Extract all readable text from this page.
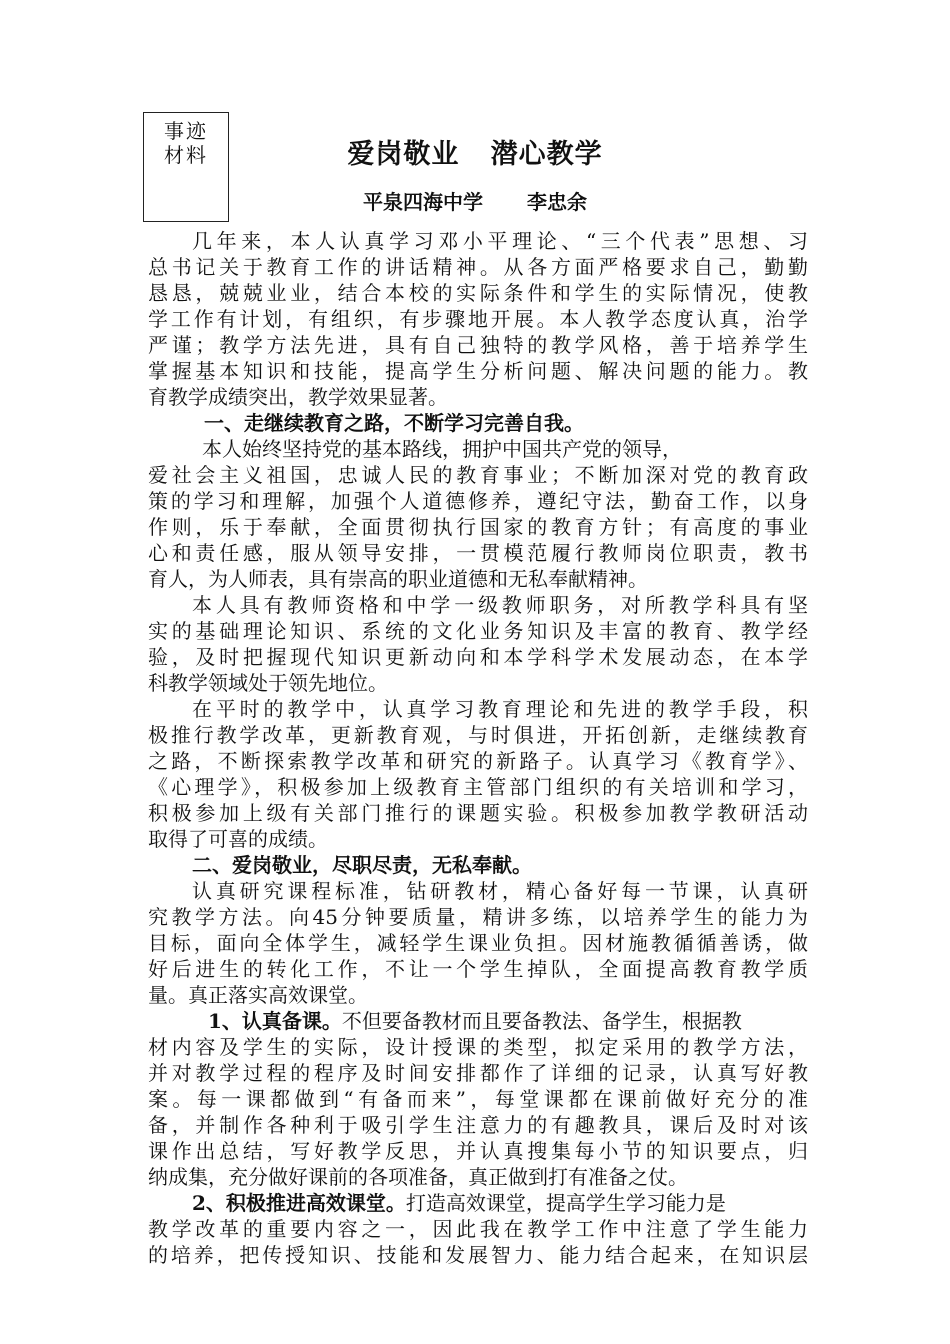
事迹
材料	爱岗敬业   潜心教学
平泉四海中学 李忠余
几年来，本人认真学习邓小平理论、“三个代表”思想、习
总书记关于教育工作的讲话精神。从各方面严格要求自己，勤勤
恳恳，兢兢业业，结合本校的实际条件和学生的实际情况，使教
学工作有计划，有组织，有步骤地开展。本人教学态度认真，治学
严谨；教学方法先进，具有自己独特的教学风格，善于培养学生
掌握基本知识和技能，提高学生分析问题、解决问题的能力。教
育教学成绩突出，教学效果显著。
一、走继续教育之路，不断学习完善自我。
本人始终坚持党的基本路线，拥护中国共产党的领导，
爱社会主义祖国，忠诚人民的教育事业；不断加深对党的教育政
策的学习和理解，加强个人道德修养，遵纪守法，勤奋工作，以身
作则，乐于奉献，全面贯彻执行国家的教育方针；有高度的事业
心和责任感，服从领导安排，一贯模范履行教师岗位职责，教书
育人，为人师表，具有崇高的职业道德和无私奉献精神。
本人具有教师资格和中学一级教师职务，对所教学科具有坚
实的基础理论知识、系统的文化业务知识及丰富的教育、教学经
验，及时把握现代知识更新动向和本学科学术发展动态，在本学
科教学领域处于领先地位。
在平时的教学中，认真学习教育理论和先进的教学手段，积
极推行教学改革，更新教育观，与时俱进，开拓创新，走继续教育
之路，不断探索教学改革和研究的新路子。认真学习《教育学》、
《心理学》，积极参加上级教育主管部门组织的有关培训和学习，
积极参加上级有关部门推行的课题实验。积极参加教学教研活动
取得了可喜的成绩。
二、爱岗敬业，尽职尽责，无私奉献。
认真研究课程标准，钻研教材，精心备好每一节课，认真研
究教学方法。向45分钟要质量，精讲多练，以培养学生的能力为
目标，面向全体学生，减轻学生课业负担。因材施教循循善诱，做
好后进生的转化工作，不让一个学生掉队，全面提高教育教学质
量。真正落实高效课堂。
1、认真备课。不但要备教材而且要备教法、备学生，根据教
材内容及学生的实际，设计授课的类型，拟定采用的教学方法，
并对教学过程的程序及时间安排都作了详细的记录，认真写好教
案。每一课都做到“有备而来”，每堂课都在课前做好充分的准
备，并制作各种利于吸引学生注意力的有趣教具，课后及时对该
课作出总结，写好教学反思，并认真搜集每小节的知识要点，归
纳成集，充分做好课前的各项准备，真正做到打有准备之仗。
2、积极推进高效课堂。打造高效课堂，提高学生学习能力是
教学改革的重要内容之一，因此我在教学工作中注意了学生能力
的培养，把传授知识、技能和发展智力、能力结合起来，在知识层
